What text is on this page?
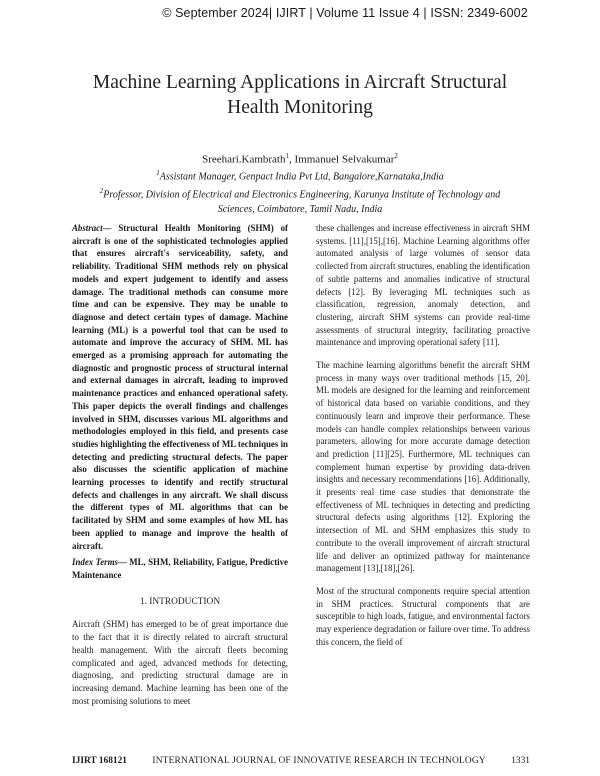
© September 2024| IJIRT | Volume 11 Issue 4 | ISSN: 2349-6002
Machine Learning Applications in Aircraft Structural
Health Monitoring
Sreehari.Kambrath$^1$, Immanuel Selvakumar$^2$
$^1$Assistant Manager, Genpact India Pvt Ltd, Bangalore,Karnataka,India
$^2$Professor, Division of Electrical and Electronics Engineering, Karunya Institute of Technology and
Sciences, Coimbatore, Tamil Nadu, India

Abstract— Structural Health Monitoring (SHM) of aircraft is one of the sophisticated technologies applied that ensures aircraft's serviceability, safety, and reliability. Traditional SHM methods rely on physical models and expert judgement to identify and assess damage. The traditional methods can consume more time and can be expensive. They may be unable to diagnose and detect certain types of damage. Machine learning (ML) is a powerful tool that can be used to automate and improve the accuracy of SHM. ML has emerged as a promising approach for automating the diagnostic and prognostic process of structural internal and external damages in aircraft, leading to improved maintenance practices and enhanced operational safety. This paper depicts the overall findings and challenges involved in SHM, discusses various ML algorithms and methodologies employed in this field, and presents case studies highlighting the effectiveness of ML techniques in detecting and predicting structural defects. The paper also discusses the scientific application of machine learning processes to identify and rectify structural defects and challenges in any aircraft. We shall discuss the different types of ML algorithms that can be facilitated by SHM and some examples of how ML has been applied to manage and improve the health of aircraft.

Index Terms— ML, SHM, Reliability, Fatigue, Predictive Maintenance

1. INTRODUCTION

Aircraft (SHM) has emerged to be of great importance due to the fact that it is directly related to aircraft structural health management. With the aircraft fleets becoming complicated and aged, advanced methods for detecting, diagnosing, and predicting structural damage are in increasing demand. Machine learning has been one of the most promising solutions to meet

these challenges and increase effectiveness in aircraft SHM systems. [11],[15],[16]. Machine Learning algorithms offer automated analysis of large volumes of sensor data collected from aircraft structures, enabling the identification of subtle patterns and anomalies indicative of structural defects [12]. By leveraging ML techniques such as classification, regression, anomaly detection, and clustering, aircraft SHM systems can provide real-time assessments of structural integrity, facilitating proactive maintenance and improving operational safety [11].

The machine learning algorithms benefit the aircraft SHM process in many ways over traditional methods [15, 20]. ML models are designed for the learning and reinforcement of historical data based on variable conditions, and they continuously learn and improve their performance. These models can handle complex relationships between various parameters, allowing for more accurate damage detection and prediction [11][25]. Furthermore, ML techniques can complement human expertise by providing data-driven insights and necessary recommendations [16]. Additionally, it presents real time case studies that demonstrate the effectiveness of ML techniques in detecting and predicting structural defects using algorithms [12]. Exploring the intersection of ML and SHM emphasizes this study to contribute to the overall improvement of aircraft structural life and deliver an optimized pathway for maintenance management [13],[18],[26].

Most of the structural components require special attention in SHM practices. Structural components that are susceptible to high loads, fatigue, and environmental factors may experience degradation or failure over time. To address this concern, the field of

IJIRT 168121	INTERNATIONAL JOURNAL OF INNOVATIVE RESEARCH IN TECHNOLOGY	1331
